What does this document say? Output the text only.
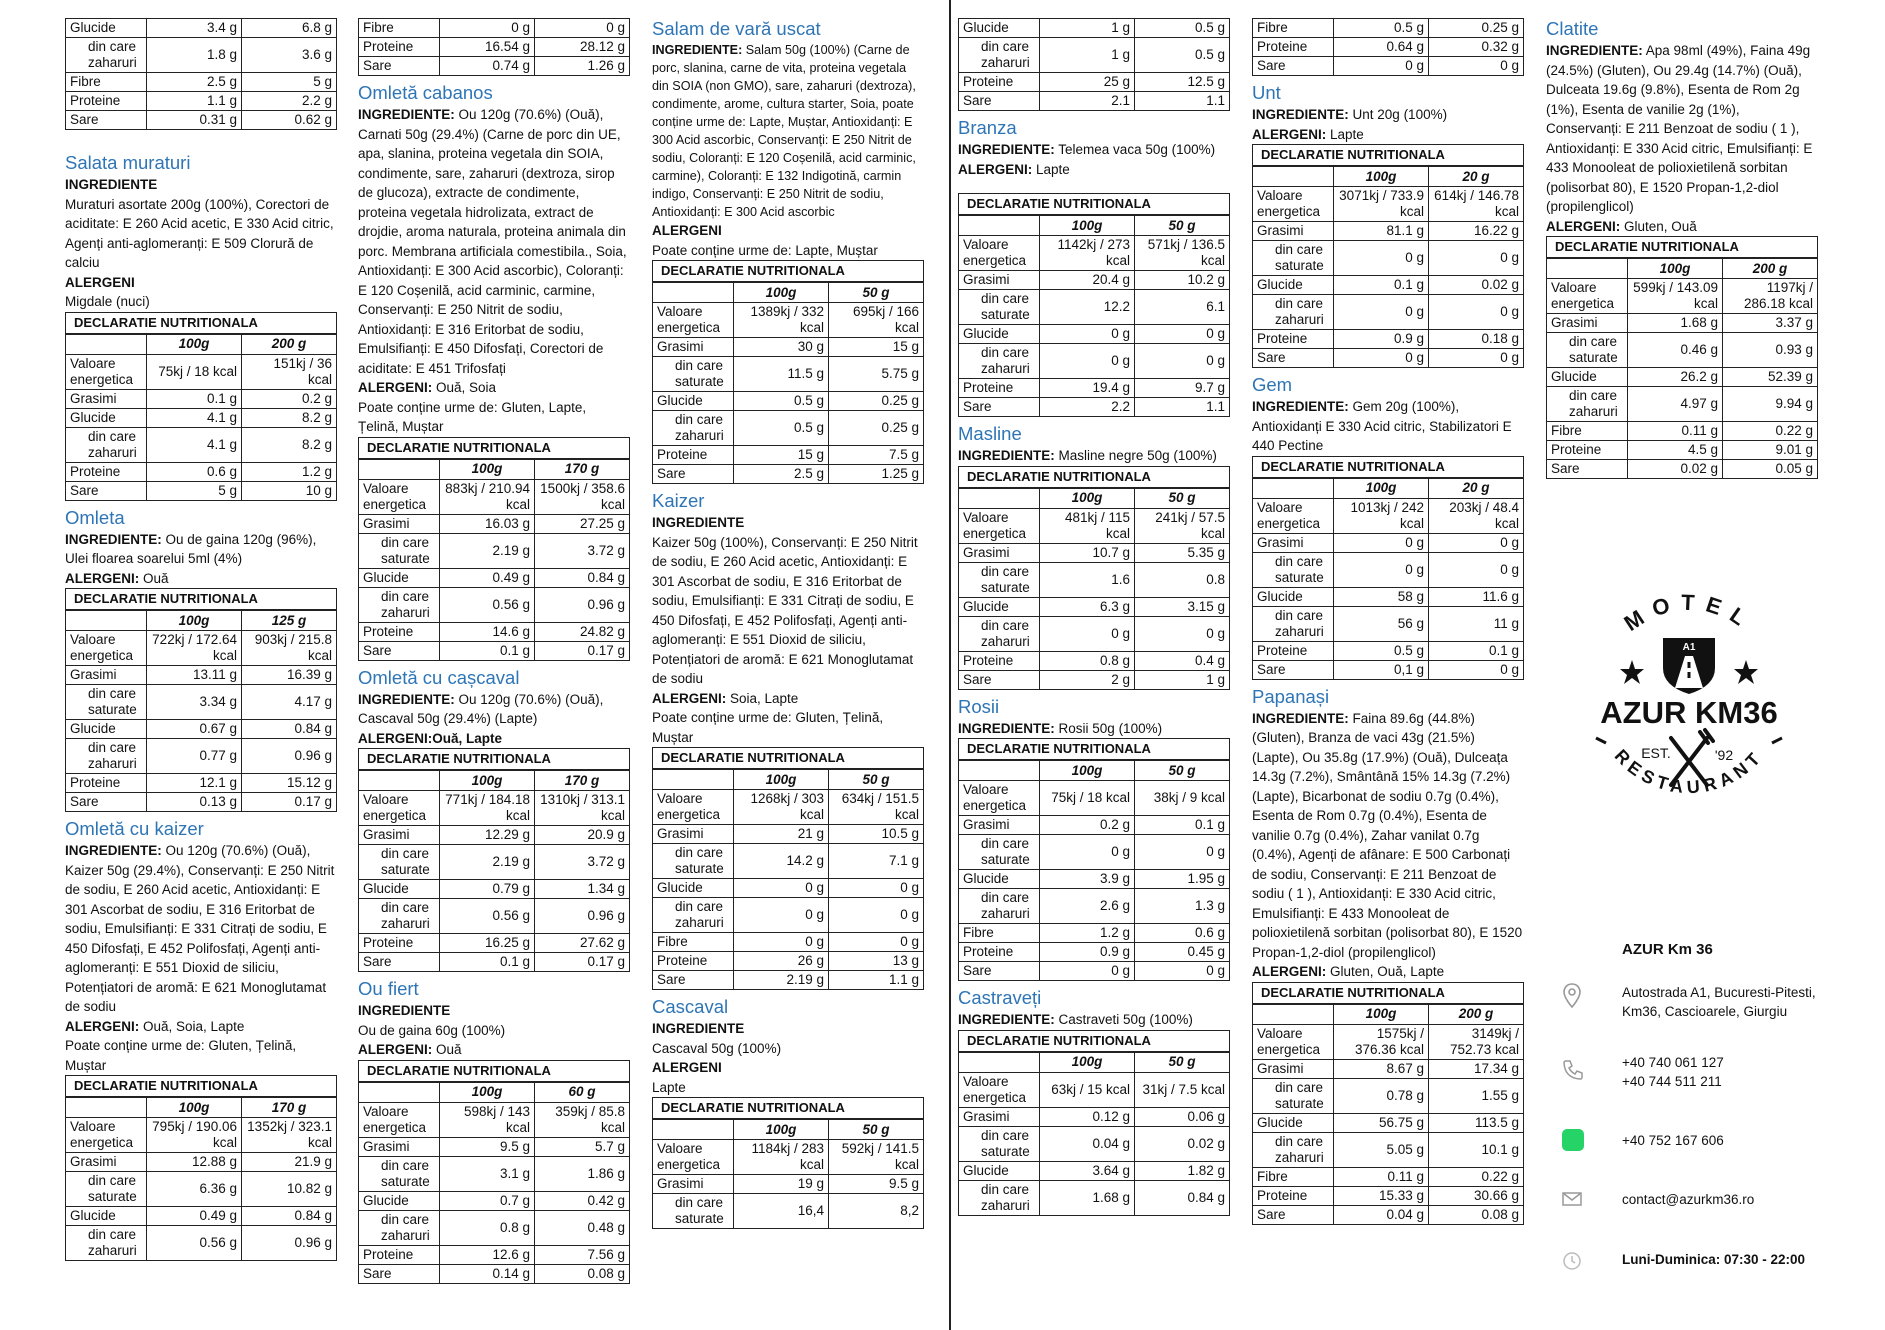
Glucide	3.4 g	6.8 g
din care zaharuri	1.8 g	3.6 g
Fibre	2.5 g	5 g
Proteine	1.1 g	2.2 g
Sare	0.31 g	0.62 g
Salata muraturi
INGREDIENTE
Muraturi asortate 200g (100%), Corectori de aciditate: E 260 Acid acetic, E 330 Acid citric, Agenți anti-aglomeranți: E 509 Clorură de calciu
ALERGENI
Migdale (nuci)
DECLARATIE NUTRITIONALA
	100g	200 g
Valoare energetica	75kj / 18 kcal	151kj / 36 kcal
Grasimi	0.1 g	0.2 g
Glucide	4.1 g	8.2 g
din care zaharuri	4.1 g	8.2 g
Proteine	0.6 g	1.2 g
Sare	5 g	10 g
Omleta
INGREDIENTE: Ou de gaina 120g (96%), Ulei floarea soarelui 5ml (4%)
ALERGENI: Ouă
DECLARATIE NUTRITIONALA
	100g	125 g
Valoare energetica	722kj / 172.64 kcal	903kj / 215.8 kcal
Grasimi	13.11 g	16.39 g
din care saturate	3.34 g	4.17 g
Glucide	0.67 g	0.84 g
din care zaharuri	0.77 g	0.96 g
Proteine	12.1 g	15.12 g
Sare	0.13 g	0.17 g
Omletă cu kaizer
INGREDIENTE: Ou 120g (70.6%) (Ouă), Kaizer 50g (29.4%), Conservanți: E 250 Nitrit de sodiu, E 260 Acid acetic, Antioxidanți: E 301 Ascorbat de sodiu, E 316 Eritorbat de sodiu, Emulsifianți: E 331 Citrați de sodiu, E 450 Difosfați, E 452 Polifosfați, Agenți anti-aglomeranți: E 551 Dioxid de siliciu, Potențiatori de aromă: E 621 Monoglutamat de sodiu
ALERGENI: Ouă, Soia, Lapte
Poate conține urme de: Gluten, Țelină, Muștar
DECLARATIE NUTRITIONALA
	100g	170 g
Valoare energetica	795kj / 190.06 kcal	1352kj / 323.1 kcal
Grasimi	12.88 g	21.9 g
din care saturate	6.36 g	10.82 g
Glucide	0.49 g	0.84 g
din care zaharuri	0.56 g	0.96 g
Fibre	0 g	0 g
Proteine	16.54 g	28.12 g
Sare	0.74 g	1.26 g
Omletă cabanos
INGREDIENTE: Ou 120g (70.6%) (Ouă), Carnati 50g (29.4%) (Carne de porc din UE, apa, slanina, proteina vegetala din SOIA, condimente, sare, zaharuri (dextroza, sirop de glucoza), extracte de condimente, proteina vegetala hidrolizata, extract de drojdie, aroma naturala, proteina animala din porc. Membrana artificiala comestibila., Soia, Antioxidanți: E 300 Acid ascorbic), Coloranți: E 120 Coșenilă, acid carminic, carmine, Conservanți: E 250 Nitrit de sodiu, Antioxidanți: E 316 Eritorbat de sodiu, Emulsifianți: E 450 Difosfați, Corectori de aciditate: E 451 Trifosfați
ALERGENI: Ouă, Soia
Poate conține urme de: Gluten, Lapte, Țelină, Muștar
DECLARATIE NUTRITIONALA
	100g	170 g
Valoare energetica	883kj / 210.94 kcal	1500kj / 358.6 kcal
Grasimi	16.03 g	27.25 g
din care saturate	2.19 g	3.72 g
Glucide	0.49 g	0.84 g
din care zaharuri	0.56 g	0.96 g
Proteine	14.6 g	24.82 g
Sare	0.1 g	0.17 g
Omletă cu cașcaval
INGREDIENTE: Ou 120g (70.6%) (Ouă), Cascaval 50g (29.4%) (Lapte)
ALERGENI:Ouă, Lapte
DECLARATIE NUTRITIONALA
	100g	170 g
Valoare energetica	771kj / 184.18 kcal	1310kj / 313.1 kcal
Grasimi	12.29 g	20.9 g
din care saturate	2.19 g	3.72 g
Glucide	0.79 g	1.34 g
din care zaharuri	0.56 g	0.96 g
Proteine	16.25 g	27.62 g
Sare	0.1 g	0.17 g
Ou fiert
INGREDIENTE
Ou de gaina 60g (100%)
ALERGENI: Ouă
DECLARATIE NUTRITIONALA
	100g	60 g
Valoare energetica	598kj / 143 kcal	359kj / 85.8 kcal
Grasimi	9.5 g	5.7 g
din care saturate	3.1 g	1.86 g
Glucide	0.7 g	0.42 g
din care zaharuri	0.8 g	0.48 g
Proteine	12.6 g	7.56 g
Sare	0.14 g	0.08 g
Salam de vară uscat
INGREDIENTE: Salam 50g (100%) (Carne de porc, slanina, carne de vita, proteina vegetala din SOIA (non GMO), sare, zaharuri (dextroza), condimente, arome, cultura starter, Soia, poate conține urme de: Lapte, Muștar, Antioxidanți: E 300 Acid ascorbic, Conservanți: E 250 Nitrit de sodiu, Coloranți: E 120 Coșenilă, acid carminic, carmine), Coloranți: E 132 Indigotină, carmin indigo, Conservanți: E 250 Nitrit de sodiu, Antioxidanți: E 300 Acid ascorbic
ALERGENI
Poate conține urme de: Lapte, Muștar
DECLARATIE NUTRITIONALA
	100g	50 g
Valoare energetica	1389kj / 332 kcal	695kj / 166 kcal
Grasimi	30 g	15 g
din care saturate	11.5 g	5.75 g
Glucide	0.5 g	0.25 g
din care zaharuri	0.5 g	0.25 g
Proteine	15 g	7.5 g
Sare	2.5 g	1.25 g
Kaizer
INGREDIENTE
Kaizer 50g (100%), Conservanți: E 250 Nitrit de sodiu, E 260 Acid acetic, Antioxidanți: E 301 Ascorbat de sodiu, E 316 Eritorbat de sodiu, Emulsifianți: E 331 Citrați de sodiu, E 450 Difosfați, E 452 Polifosfați, Agenți anti-aglomeranți: E 551 Dioxid de siliciu, Potențiatori de aromă: E 621 Monoglutamat de sodiu
ALERGENI: Soia, Lapte
Poate conține urme de: Gluten, Țelină, Muștar
DECLARATIE NUTRITIONALA
	100g	50 g
Valoare energetica	1268kj / 303 kcal	634kj / 151.5 kcal
Grasimi	21 g	10.5 g
din care saturate	14.2 g	7.1 g
Glucide	0 g	0 g
din care zaharuri	0 g	0 g
Fibre	0 g	0 g
Proteine	26 g	13 g
Sare	2.19 g	1.1 g
Cascaval
INGREDIENTE
Cascaval 50g (100%)
ALERGENI
Lapte
DECLARATIE NUTRITIONALA
	100g	50 g
Valoare energetica	1184kj / 283 kcal	592kj / 141.5 kcal
Grasimi	19 g	9.5 g
din care saturate	16,4	8,2
Glucide	1 g	0.5 g
din care zaharuri	1 g	0.5 g
Proteine	25 g	12.5 g
Sare	2.1	1.1
Branza
INGREDIENTE: Telemea vaca 50g (100%)
ALERGENI: Lapte
DECLARATIE NUTRITIONALA
	100g	50 g
Valoare energetica	1142kj / 273 kcal	571kj / 136.5 kcal
Grasimi	20.4 g	10.2 g
din care saturate	12.2	6.1
Glucide	0 g	0 g
din care zaharuri	0 g	0 g
Proteine	19.4 g	9.7 g
Sare	2.2	1.1
Masline
INGREDIENTE: Masline negre 50g (100%)
DECLARATIE NUTRITIONALA
	100g	50 g
Valoare energetica	481kj / 115 kcal	241kj / 57.5 kcal
Grasimi	10.7 g	5.35 g
din care saturate	1.6	0.8
Glucide	6.3 g	3.15 g
din care zaharuri	0 g	0 g
Proteine	0.8 g	0.4 g
Sare	2 g	1 g
Rosii
INGREDIENTE: Rosii 50g (100%)
DECLARATIE NUTRITIONALA
	100g	50 g
Valoare energetica	75kj / 18 kcal	38kj / 9 kcal
Grasimi	0.2 g	0.1 g
din care saturate	0 g	0 g
Glucide	3.9 g	1.95 g
din care zaharuri	2.6 g	1.3 g
Fibre	1.2 g	0.6 g
Proteine	0.9 g	0.45 g
Sare	0 g	0 g
Castraveți
INGREDIENTE: Castraveti 50g (100%)
DECLARATIE NUTRITIONALA
	100g	50 g
Valoare energetica	63kj / 15 kcal	31kj / 7.5 kcal
Grasimi	0.12 g	0.06 g
din care saturate	0.04 g	0.02 g
Glucide	3.64 g	1.82 g
din care zaharuri	1.68 g	0.84 g
Fibre	0.5 g	0.25 g
Proteine	0.64 g	0.32 g
Sare	0 g	0 g
Unt
INGREDIENTE: Unt 20g (100%)
ALERGENI: Lapte
DECLARATIE NUTRITIONALA
	100g	20 g
Valoare energetica	3071kj / 733.9 kcal	614kj / 146.78 kcal
Grasimi	81.1 g	16.22 g
din care saturate	0 g	0 g
Glucide	0.1 g	0.02 g
din care zaharuri	0 g	0 g
Proteine	0.9 g	0.18 g
Sare	0 g	0 g
Gem
INGREDIENTE: Gem 20g (100%), Antioxidanți E 330 Acid citric, Stabilizatori E 440 Pectine
DECLARATIE NUTRITIONALA
	100g	20 g
Valoare energetica	1013kj / 242 kcal	203kj / 48.4 kcal
Grasimi	0 g	0 g
din care saturate	0 g	0 g
Glucide	58 g	11.6 g
din care zaharuri	56 g	11 g
Proteine	0.5 g	0.1 g
Sare	0,1 g	0 g
Papanași
INGREDIENTE: Faina 89.6g (44.8%) (Gluten), Branza de vaci 43g (21.5%) (Lapte), Ou 35.8g (17.9%) (Ouă), Dulceața 14.3g (7.2%), Smântână 15% 14.3g (7.2%) (Lapte), Bicarbonat de sodiu 0.7g (0.4%), Esenta de Rom 0.7g (0.4%), Esenta de vanilie 0.7g (0.4%), Zahar vanilat 0.7g (0.4%), Agenți de afânare: E 500 Carbonați de sodiu, Conservanți: E 211 Benzoat de sodiu ( 1 ), Antioxidanți: E 330 Acid citric, Emulsifianți: E 433 Monooleat de polioxietilenă sorbitan (polisorbat 80), E 1520 Propan-1,2-diol (propilenglicol)
ALERGENI: Gluten, Ouă, Lapte
DECLARATIE NUTRITIONALA
	100g	200 g
Valoare energetica	1575kj / 376.36 kcal	3149kj / 752.73 kcal
Grasimi	8.67 g	17.34 g
din care saturate	0.78 g	1.55 g
Glucide	56.75 g	113.5 g
din care zaharuri	5.05 g	10.1 g
Fibre	0.11 g	0.22 g
Proteine	15.33 g	30.66 g
Sare	0.04 g	0.08 g
Clatite
INGREDIENTE: Apa 98ml (49%), Faina 49g (24.5%) (Gluten), Ou 29.4g (14.7%) (Ouă), Dulceata 19.6g (9.8%), Esenta de Rom 2g (1%), Esenta de vanilie 2g (1%), Conservanți: E 211 Benzoat de sodiu ( 1 ), Antioxidanți: E 330 Acid citric, Emulsifianți: E 433 Monooleat de polioxietilenă sorbitan (polisorbat 80), E 1520 Propan-1,2-diol (propilenglicol)
ALERGENI: Gluten, Ouă
DECLARATIE NUTRITIONALA
	100g	200 g
Valoare energetica	599kj / 143.09 kcal	1197kj / 286.18 kcal
Grasimi	1.68 g	3.37 g
din care saturate	0.46 g	0.93 g
Glucide	26.2 g	52.39 g
din care zaharuri	4.97 g	9.94 g
Fibre	0.11 g	0.22 g
Proteine	4.5 g	9.01 g
Sare	0.02 g	0.05 g
MOTEL
A1
AZUR KM36
EST.	'92
RESTAURANT
AZUR Km 36
Autostrada A1, Bucuresti-Pitesti,
Km36, Cascioarele, Giurgiu
+40 740 061 127
+40 744 511 211
+40 752 167 606
contact@azurkm36.ro
Luni-Duminica: 07:30 - 22:00
